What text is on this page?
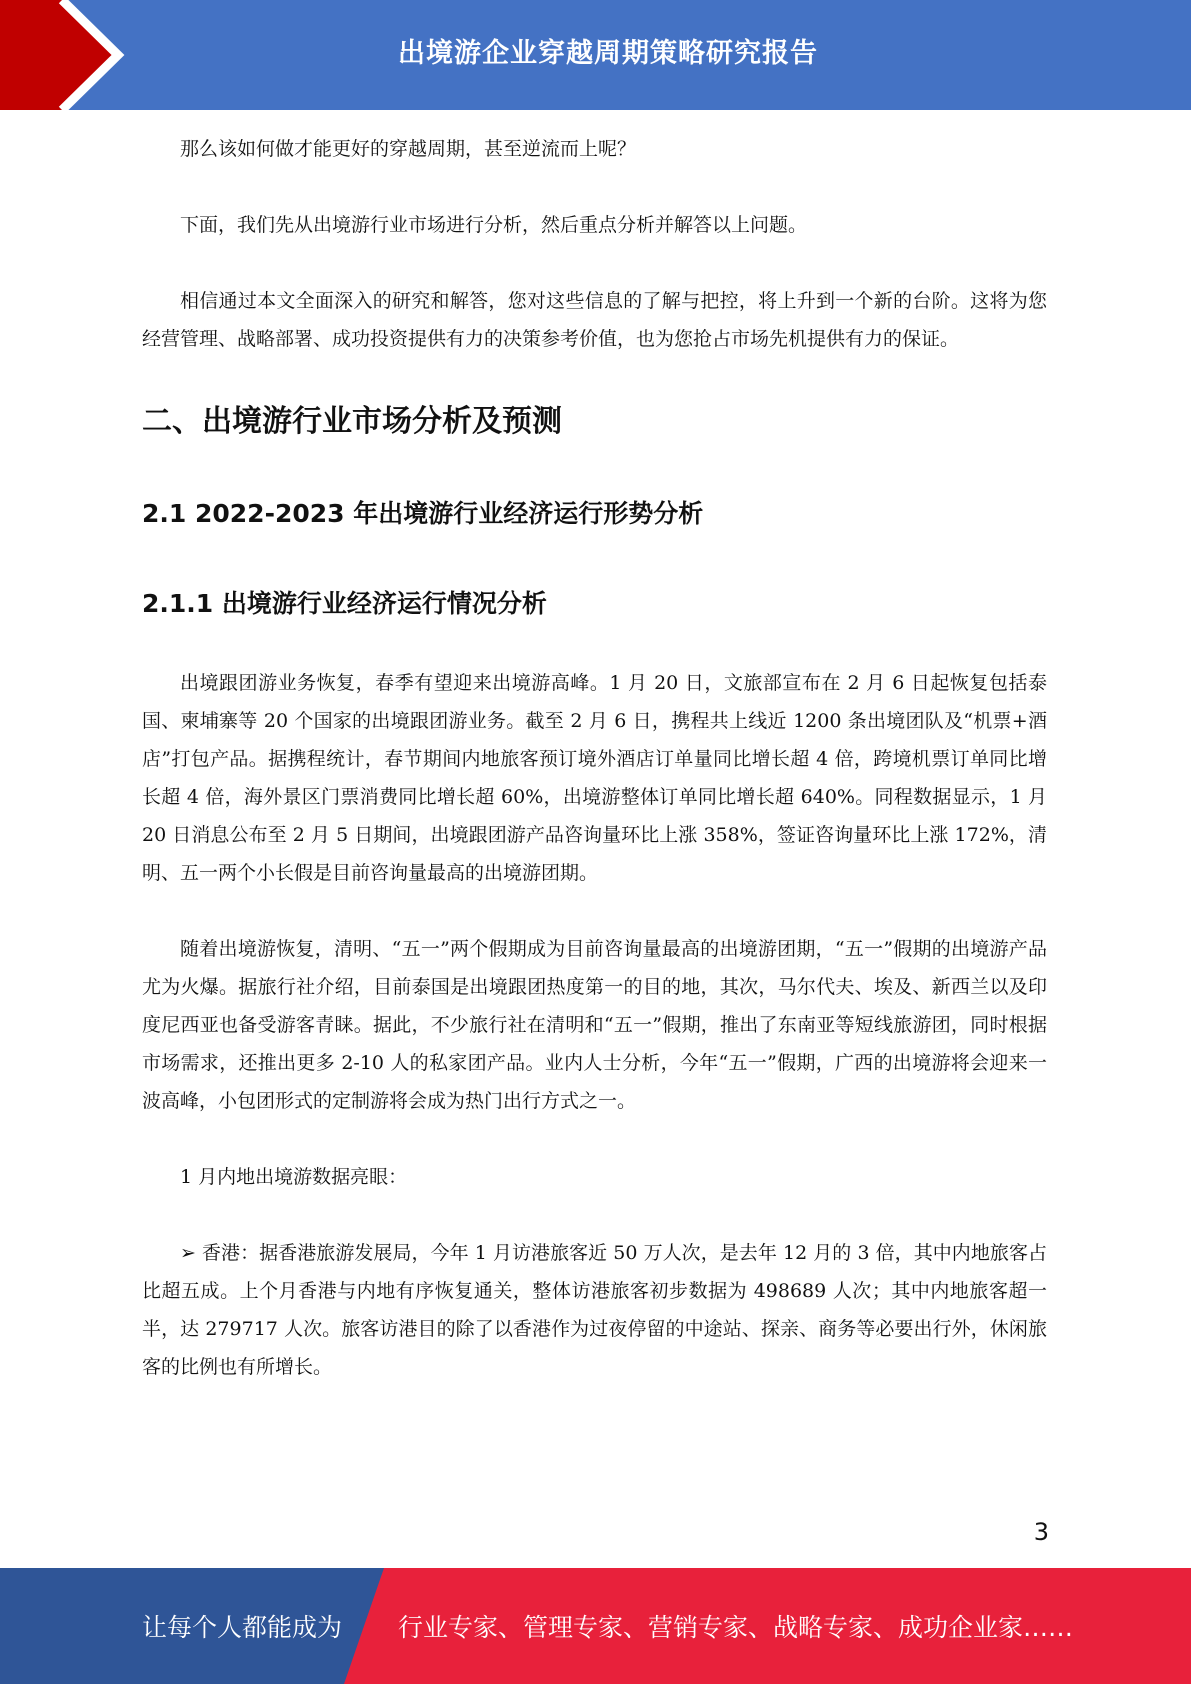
出境游企业穿越周期策略研究报告

那么该如何做才能更好的穿越周期，甚至逆流而上呢？

下面，我们先从出境游行业市场进行分析，然后重点分析并解答以上问题。

相信通过本文全面深入的研究和解答，您对这些信息的了解与把控，将上升到一个新的台阶。这将为您经营管理、战略部署、成功投资提供有力的决策参考价值，也为您抢占市场先机提供有力的保证。

二、出境游行业市场分析及预测
2.1 2022-2023 年出境游行业经济运行形势分析
2.1.1 出境游行业经济运行情况分析

出境跟团游业务恢复，春季有望迎来出境游高峰。1 月 20 日，文旅部宣布在 2 月 6 日起恢复包括泰国、柬埔寨等 20 个国家的出境跟团游业务。截至 2 月 6 日，携程共上线近 1200 条出境团队及“机票+酒店”打包产品。据携程统计，春节期间内地旅客预订境外酒店订单量同比增长超 4 倍，跨境机票订单同比增长超 4 倍，海外景区门票消费同比增长超 60%，出境游整体订单同比增长超 640%。同程数据显示，1 月 20 日消息公布至 2 月 5 日期间，出境跟团游产品咨询量环比上涨 358%，签证咨询量环比上涨 172%，清明、五一两个小长假是目前咨询量最高的出境游团期。

随着出境游恢复，清明、“五一”两个假期成为目前咨询量最高的出境游团期，“五一”假期的出境游产品尤为火爆。据旅行社介绍，目前泰国是出境跟团热度第一的目的地，其次，马尔代夫、埃及、新西兰以及印度尼西亚也备受游客青睐。据此，不少旅行社在清明和“五一”假期，推出了东南亚等短线旅游团，同时根据市场需求，还推出更多 2-10 人的私家团产品。业内人士分析，今年“五一”假期，广西的出境游将会迎来一波高峰，小包团形式的定制游将会成为热门出行方式之一。

1 月内地出境游数据亮眼：

➢ 香港：据香港旅游发展局，今年 1 月访港旅客近 50 万人次，是去年 12 月的 3 倍，其中内地旅客占比超五成。上个月香港与内地有序恢复通关，整体访港旅客初步数据为 498689 人次；其中内地旅客超一半，达 279717 人次。旅客访港目的除了以香港作为过夜停留的中途站、探亲、商务等必要出行外，休闲旅客的比例也有所增长。

3
让每个人都能成为 行业专家、管理专家、营销专家、战略专家、成功企业家……
